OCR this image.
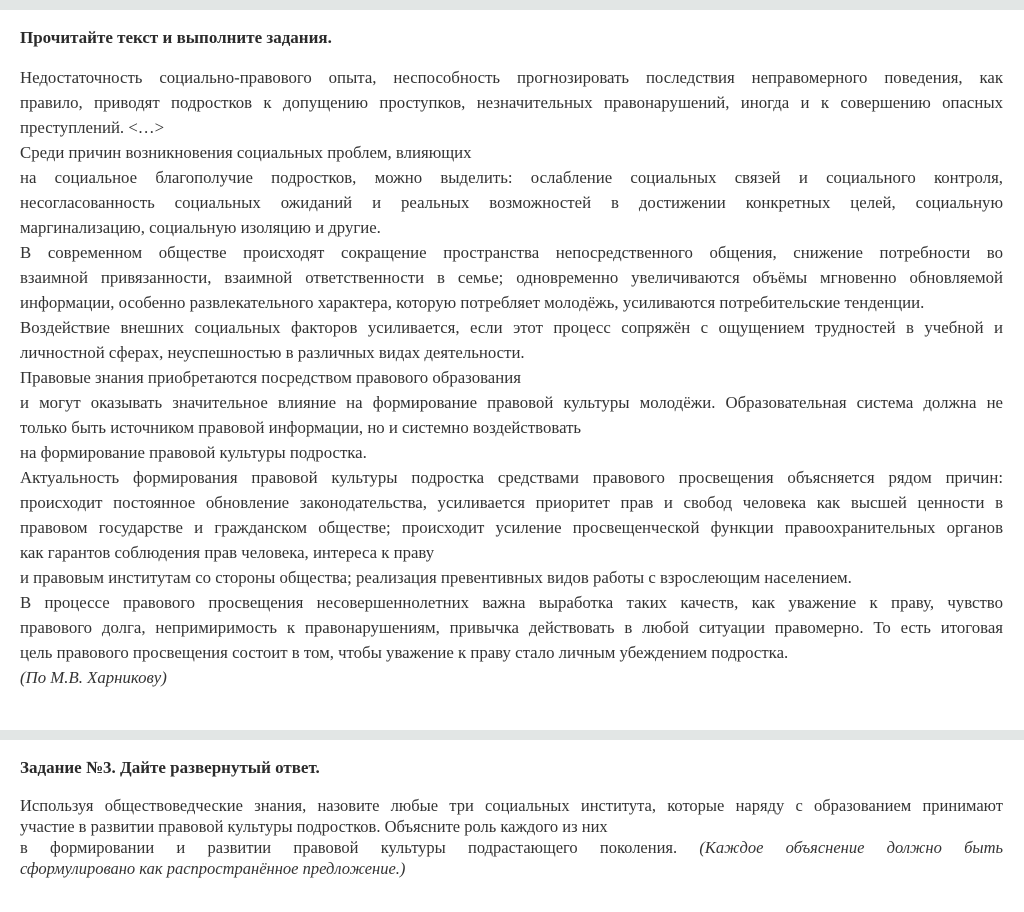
Прочитайте текст и выполните задания.
Недостаточность социально-правового опыта, неспособность прогнозировать последствия неправомерного поведения, как
правило, приводят подростков к допущению проступков, незначительных правонарушений, иногда и к совершению опасных
преступлений. <…>
Среди причин возникновения социальных проблем, влияющих
на социальное благополучие подростков, можно выделить: ослабление социальных связей и социального контроля,
несогласованность социальных ожиданий и реальных возможностей в достижении конкретных целей, социальную
маргинализацию, социальную изоляцию и другие.
В современном обществе происходят сокращение пространства непосредственного общения, снижение потребности во
взаимной привязанности, взаимной ответственности в семье; одновременно увеличиваются объёмы мгновенно обновляемой
информации, особенно развлекательного характера, которую потребляет молодёжь, усиливаются потребительские тенденции.
Воздействие внешних социальных факторов усиливается, если этот процесс сопряжён с ощущением трудностей в учебной и
личностной сферах, неуспешностью в различных видах деятельности.
Правовые знания приобретаются посредством правового образования
и могут оказывать значительное влияние на формирование правовой культуры молодёжи. Образовательная система должна не
только быть источником правовой информации, но и системно воздействовать
на формирование правовой культуры подростка.
Актуальность формирования правовой культуры подростка средствами правового просвещения объясняется рядом причин:
происходит постоянное обновление законодательства, усиливается приоритет прав и свобод человека как высшей ценности в
правовом государстве и гражданском обществе; происходит усиление просвещенческой функции правоохранительных органов
как гарантов соблюдения прав человека, интереса к праву
и правовым институтам со стороны общества; реализация превентивных видов работы с взрослеющим населением.
В процессе правового просвещения несовершеннолетних важна выработка таких качеств, как уважение к праву, чувство
правового долга, непримиримость к правонарушениям, привычка действовать в любой ситуации правомерно. То есть итоговая
цель правового просвещения состоит в том, чтобы уважение к праву стало личным убеждением подростка.
(По М.В. Харникову)
Задание №3. Дайте развернутый ответ.
Используя обществоведческие знания, назовите любые три социальных института, которые наряду с образованием принимают
участие в развитии правовой культуры подростков. Объясните роль каждого из них
в формировании и развитии правовой культуры подрастающего поколения. (Каждое объяснение должно быть
сформулировано как распространённое предложение.)
